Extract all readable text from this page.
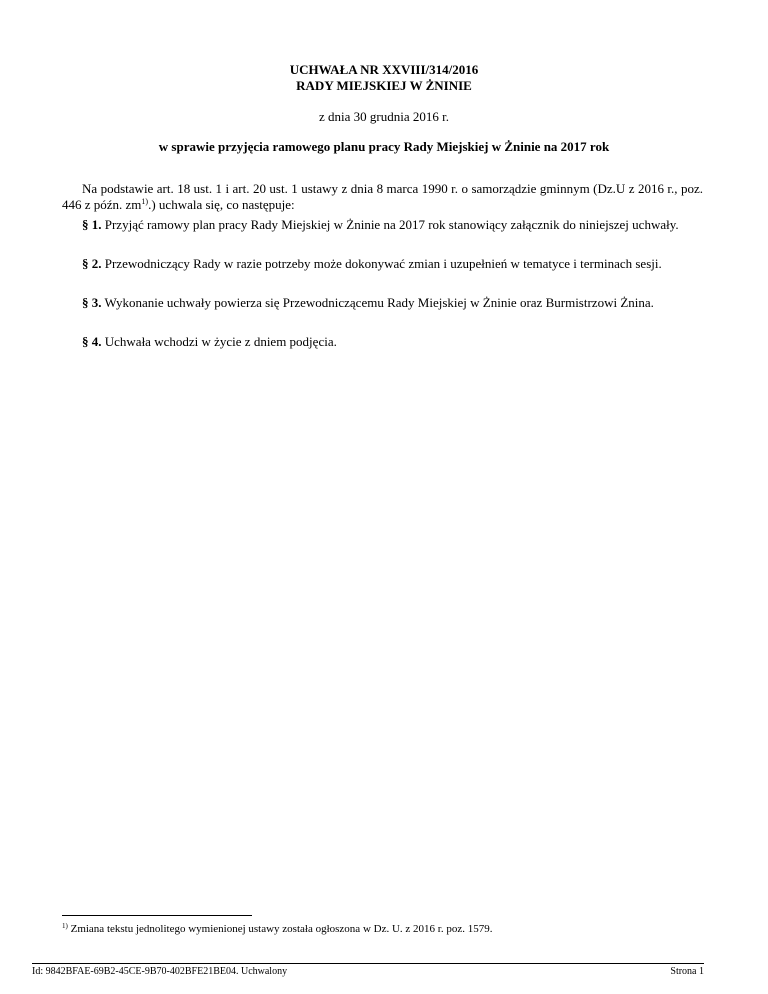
UCHWAŁA NR XXVIII/314/2016
RADY MIEJSKIEJ W ŻNINIE
z dnia 30 grudnia 2016 r.
w sprawie przyjęcia ramowego planu pracy Rady Miejskiej w Żninie na 2017 rok
Na podstawie art. 18 ust. 1 i art. 20 ust. 1 ustawy z dnia 8 marca 1990 r. o samorządzie gminnym (Dz.U z 2016 r., poz. 446 z późn. $zm^{1)}$.) uchwala się, co następuje:
§ 1. Przyjąć ramowy plan pracy Rady Miejskiej w Żninie na 2017 rok stanowiący załącznik do niniejszej uchwały.
§ 2. Przewodniczący Rady w razie potrzeby może dokonywać zmian i uzupełnień w tematyce i terminach sesji.
§ 3. Wykonanie uchwały powierza się Przewodniczącemu Rady Miejskiej w Żninie oraz Burmistrzowi Żnina.
§ 4. Uchwała wchodzi w życie z dniem podjęcia.
$^{1)}$ Zmiana tekstu jednolitego wymienionej ustawy została ogłoszona w Dz. U. z 2016 r. poz. 1579.
Id: 9842BFAE-69B2-45CE-9B70-402BFE21BE04. Uchwalony	Strona 1
